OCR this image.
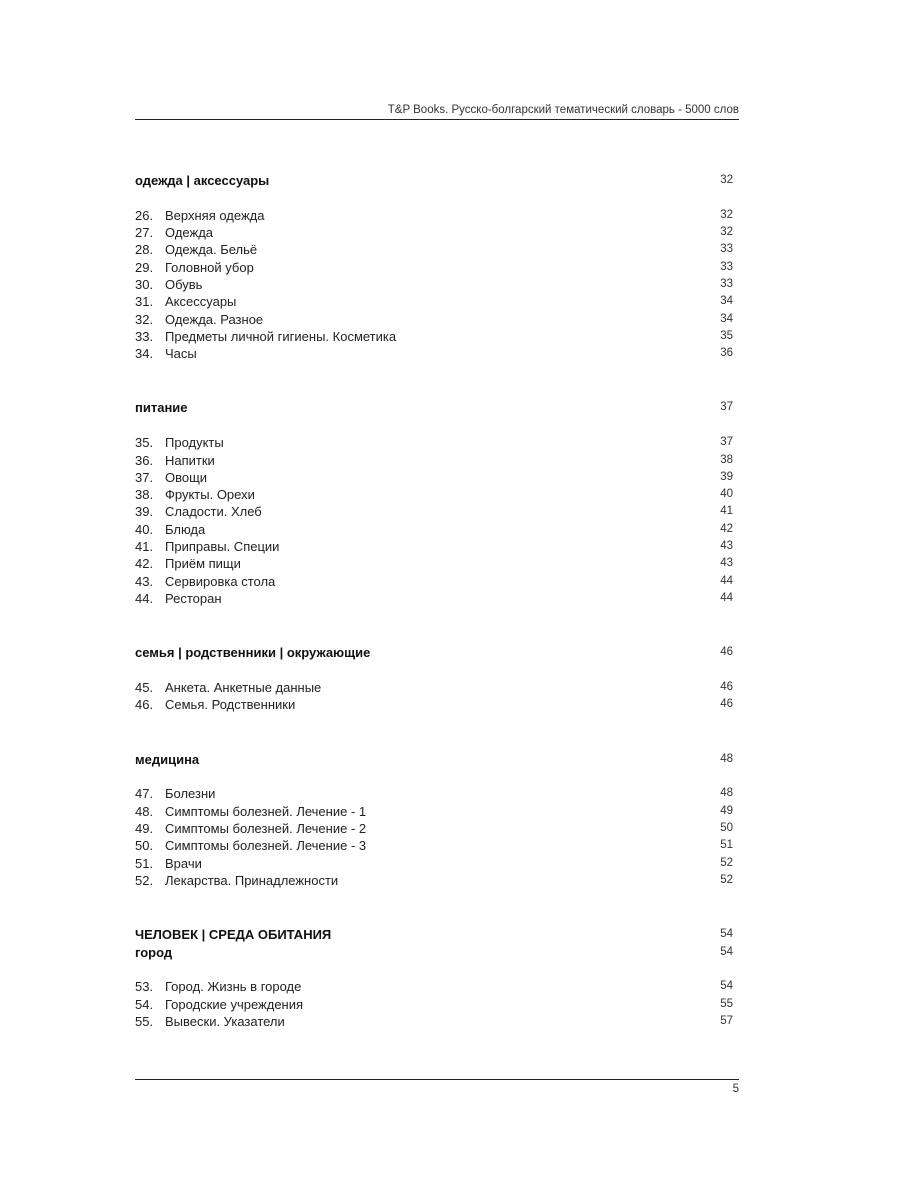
T&P Books. Русско-болгарский тематический словарь - 5000 слов
одежда | аксессуары	32
26. Верхняя одежда	32
27. Одежда	32
28. Одежда. Бельё	33
29. Головной убор	33
30. Обувь	33
31. Аксессуары	34
32. Одежда. Разное	34
33. Предметы личной гигиены. Косметика	35
34. Часы	36
питание	37
35. Продукты	37
36. Напитки	38
37. Овощи	39
38. Фрукты. Орехи	40
39. Сладости. Хлеб	41
40. Блюда	42
41. Приправы. Специи	43
42. Приём пищи	43
43. Сервировка стола	44
44. Ресторан	44
семья | родственники | окружающие	46
45. Анкета. Анкетные данные	46
46. Семья. Родственники	46
медицина	48
47. Болезни	48
48. Симптомы болезней. Лечение - 1	49
49. Симптомы болезней. Лечение - 2	50
50. Симптомы болезней. Лечение - 3	51
51. Врачи	52
52. Лекарства. Принадлежности	52
ЧЕЛОВЕК | СРЕДА ОБИТАНИЯ	54
город	54
53. Город. Жизнь в городе	54
54. Городские учреждения	55
55. Вывески. Указатели	57
5
